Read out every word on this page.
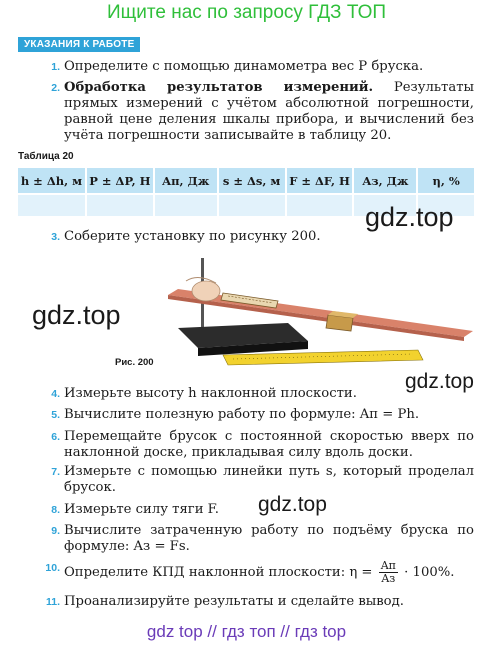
Ищите нас по запросу ГДЗ ТОП
УКАЗАНИЯ К РАБОТЕ
1. Определите с помощью динамометра вес P бруска.

2. Обработка результатов измерений. Результаты прямых измерений с учётом абсолютной погрешности, равной цене деления шкалы прибора, и вычислений без учёта погрешности записывайте в таблицу 20.

Таблица 20
h ± Δh, м	P ± ΔP, Н	Aп, Дж	s ± Δs, м	F ± ΔF, Н	Aз, Дж	η, %

gdz.top
3. Соберите установку по рисунку 200.

gdz.top
Рис. 200
gdz.top
4. Измерьте высоту h наклонной плоскости.

5. Вычислите полезную работу по формуле: Aп = Ph.

6. Перемещайте брусок с постоянной скоростью вверх по наклонной доске, прикладывая силу вдоль доски.

7. Измерьте с помощью линейки путь s, который проделал брусок.

gdz.top
8. Измерьте силу тяги F.

9. Вычислите затраченную работу по подъёму бруска по формуле: Aз = Fs.

10. Определите КПД наклонной плоскости: $\eta = \frac{Aп}{Aз} \cdot 100\%$.

11. Проанализируйте результаты и сделайте вывод.

gdz top // гдз топ // гдз top
